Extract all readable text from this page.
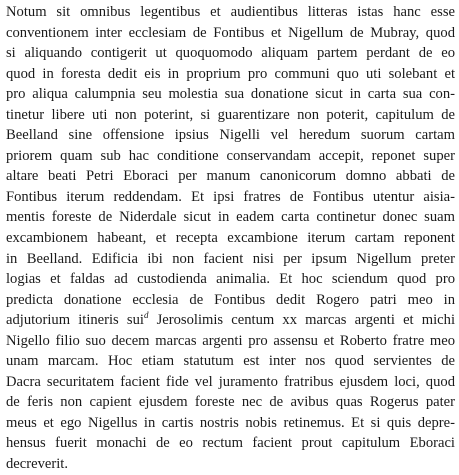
Notum sit omnibus legentibus et audientibus litteras istas hanc esse
conventionem inter ecclesiam de Fontibus et Nigellum de Mubray, quod
si aliquando contigerit ut quoquomodo aliquam partem perdant de eo
quod in foresta dedit eis in proprium pro communi quo uti solebant et
pro aliqua calumpnia seu molestia sua donatione sicut in carta sua con-
tinetur libere uti non poterint, si guarentizare non poterit, capitulum de
Beelland sine offensione ipsius Nigelli vel heredum suorum cartam
priorem quam sub hac conditione conservandam accepit, reponet super
altare beati Petri Eboraci per manum canonicorum domno abbati de
Fontibus iterum reddendam. Et ipsi fratres de Fontibus utentur aisia-
mentis foreste de Niderdale sicut in eadem carta continetur donec suam
excambionem habeant, et recepta excambione iterum cartam reponent
in Beelland. Edificia ibi non facient nisi per ipsum Nigellum preter
logias et faldas ad custodienda animalia. Et hoc sciendum quod pro
predicta donatione ecclesia de Fontibus dedit Rogero patri meo in
adjutorium itineris sui$^d$ Jerosolimis centum xx marcas argenti et michi
Nigello filio suo decem marcas argenti pro assensu et Roberto fratre meo
unam marcam. Hoc etiam statutum est inter nos quod servientes de
Dacra securitatem facient fide vel juramento fratribus ejusdem loci, quod
de feris non capient ejusdem foreste nec de avibus quas Rogerus pater
meus et ego Nigellus in cartis nostris nobis retinemus. Et si quis depre-
hensus fuerit monachi de eo rectum facient prout capitulum Eboraci
decreverit.
